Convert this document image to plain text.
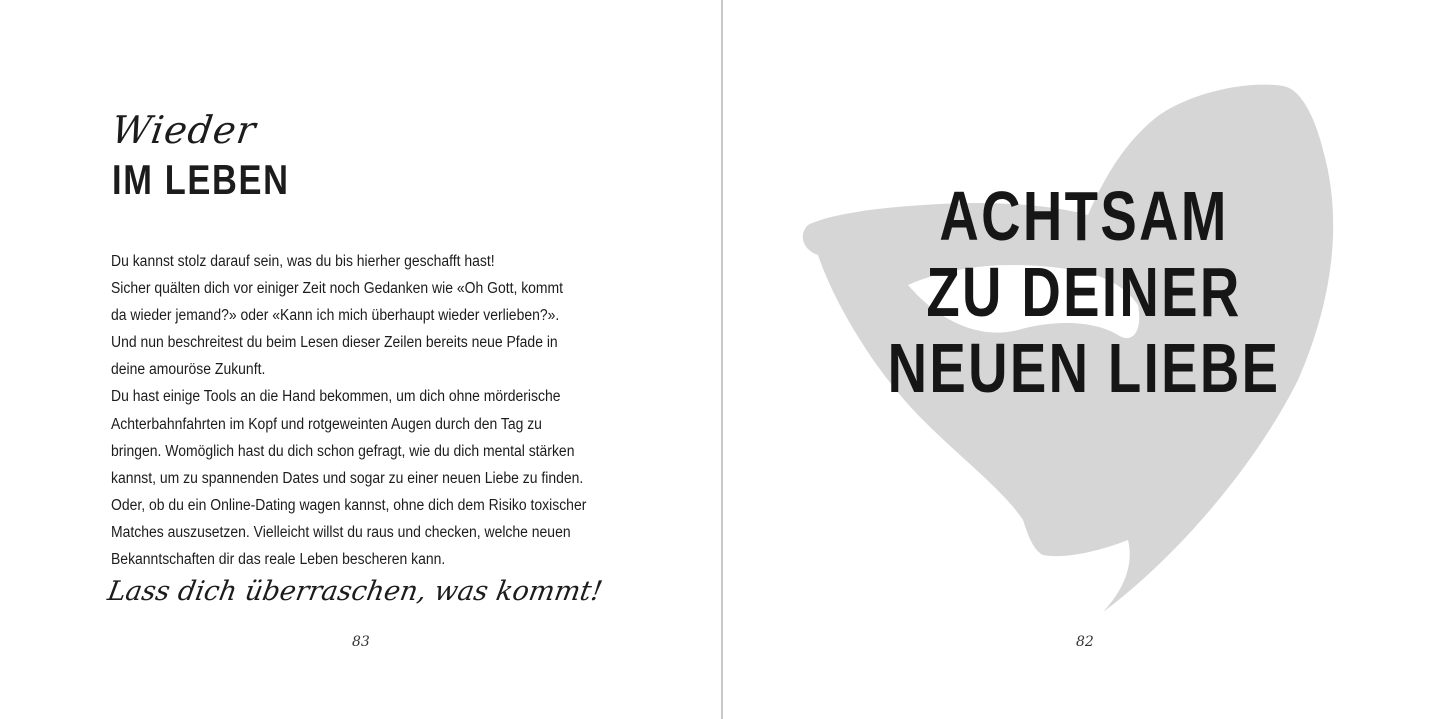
Wieder
IM LEBEN
Du kannst stolz darauf sein, was du bis hierher geschafft hast!
Sicher quälten dich vor einiger Zeit noch Gedanken wie «Oh Gott, kommt
da wieder jemand?» oder «Kann ich mich überhaupt wieder verlieben?».
Und nun beschreitest du beim Lesen dieser Zeilen bereits neue Pfade in
deine amouröse Zukunft.
Du hast einige Tools an die Hand bekommen, um dich ohne mörderische
Achterbahnfahrten im Kopf und rotgeweinten Augen durch den Tag zu
bringen. Womöglich hast du dich schon gefragt, wie du dich mental stärken
kannst, um zu spannenden Dates und sogar zu einer neuen Liebe zu finden.
Oder, ob du ein Online-Dating wagen kannst, ohne dich dem Risiko toxischer
Matches auszusetzen. Vielleicht willst du raus und checken, welche neuen
Bekanntschaften dir das reale Leben bescheren kann.
Lass dich überraschen, was kommt!
83
ACHTSAM
ZU DEINER
NEUEN LIEBE
82
